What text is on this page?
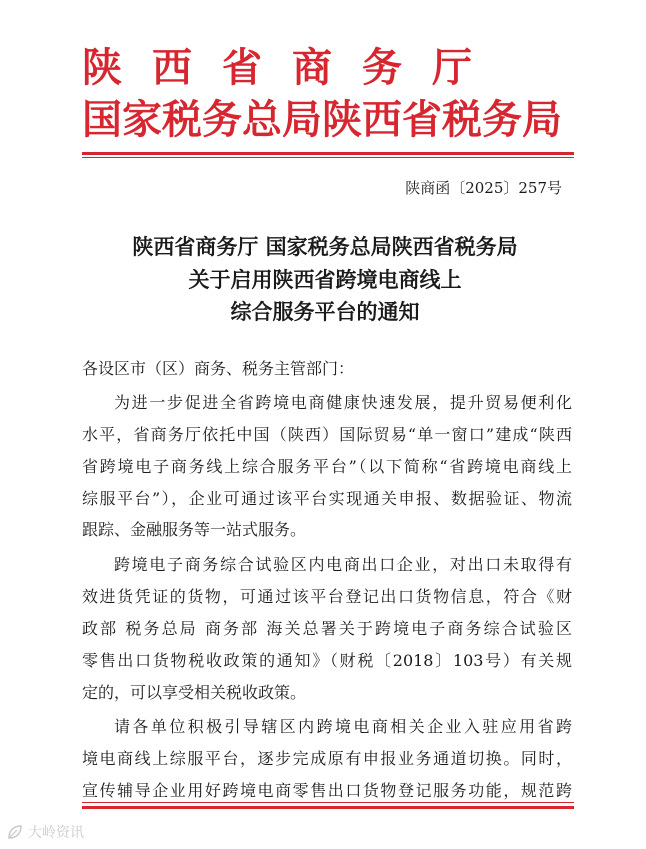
陕西省商务厅
国家税务总局陕西省税务局
陕商函〔2025〕257号
陕西省商务厅 国家税务总局陕西省税务局
关于启用陕西省跨境电商线上
综合服务平台的通知
各设区市（区）商务、税务主管部门：
为进一步促进全省跨境电商健康快速发展，提升贸易便利化
水平，省商务厅依托中国（陕西）国际贸易“单一窗口”建成“陕西
省跨境电子商务线上综合服务平台”（以下简称“省跨境电商线上
综服平台”），企业可通过该平台实现通关申报、数据验证、物流
跟踪、金融服务等一站式服务。
跨境电子商务综合试验区内电商出口企业，对出口未取得有
效进货凭证的货物，可通过该平台登记出口货物信息，符合《财
政部 税务总局 商务部 海关总署关于跨境电子商务综合试验区
零售出口货物税收政策的通知》（财税〔2018〕103号）有关规
定的，可以享受相关税收政策。
请各单位积极引导辖区内跨境电商相关企业入驻应用省跨
境电商线上综服平台，逐步完成原有申报业务通道切换。同时，
宣传辅导企业用好跨境电商零售出口货物登记服务功能，规范跨
大岭资讯
